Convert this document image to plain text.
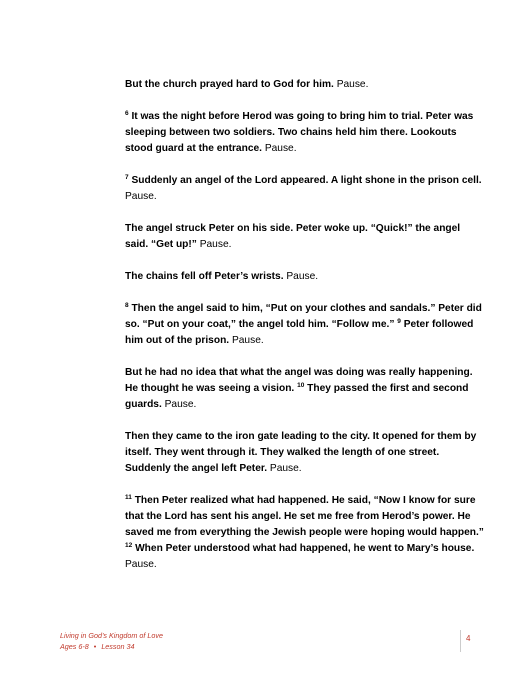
But the church prayed hard to God for him. Pause.

$^6$ It was the night before Herod was going to bring him to trial. Peter was sleeping between two soldiers. Two chains held him there. Lookouts stood guard at the entrance. Pause.

$^7$ Suddenly an angel of the Lord appeared. A light shone in the prison cell. Pause.

The angel struck Peter on his side. Peter woke up. “Quick!” the angel said. “Get up!” Pause.

The chains fell off Peter’s wrists. Pause.

$^8$ Then the angel said to him, “Put on your clothes and sandals.” Peter did so. “Put on your coat,” the angel told him. “Follow me.” $^9$ Peter followed him out of the prison. Pause.

But he had no idea that what the angel was doing was really happening. He thought he was seeing a vision. $^{10}$ They passed the first and second guards. Pause.

Then they came to the iron gate leading to the city. It opened for them by itself. They went through it. They walked the length of one street. Suddenly the angel left Peter. Pause.

$^{11}$ Then Peter realized what had happened. He said, “Now I know for sure that the Lord has sent his angel. He set me free from Herod’s power. He saved me from everything the Jewish people were hoping would happen.” $^{12}$ When Peter understood what had happened, he went to Mary’s house. Pause.

Living in God’s Kingdom of Love
Ages 6-8 • Lesson 34
4
